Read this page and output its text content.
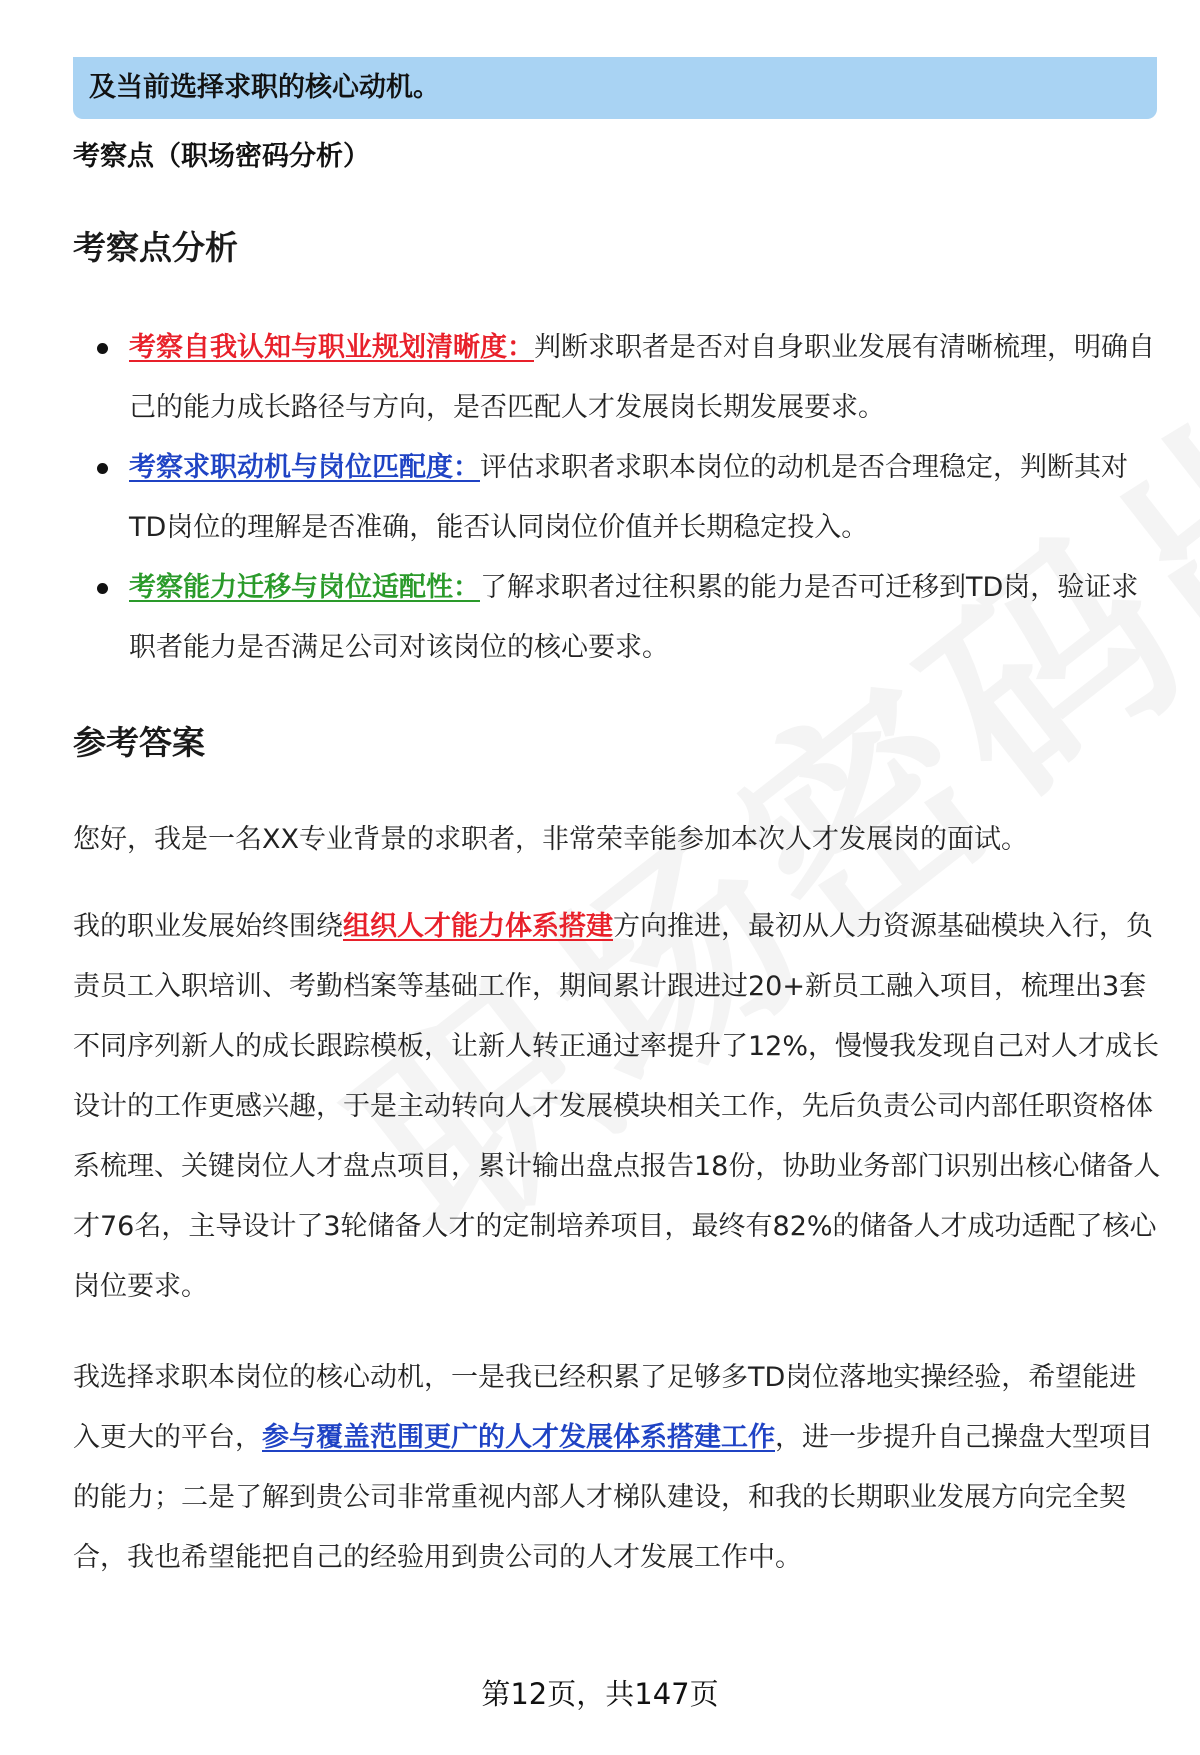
及当前选择求职的核心动机。
考察点（职场密码分析）
考察点分析
考察自我认知与职业规划清晰度：判断求职者是否对自身职业发展有清晰梳理，明确自己的能力成长路径与方向，是否匹配人才发展岗长期发展要求。
考察求职动机与岗位匹配度：评估求职者求职本岗位的动机是否合理稳定，判断其对TD岗位的理解是否准确，能否认同岗位价值并长期稳定投入。
考察能力迁移与岗位适配性：了解求职者过往积累的能力是否可迁移到TD岗，验证求职者能力是否满足公司对该岗位的核心要求。
参考答案

您好，我是一名XX专业背景的求职者，非常荣幸能参加本次人才发展岗的面试。

我的职业发展始终围绕组织人才能力体系搭建方向推进，最初从人力资源基础模块入行，负责员工入职培训、考勤档案等基础工作，期间累计跟进过20+新员工融入项目，梳理出3套不同序列新人的成长跟踪模板，让新人转正通过率提升了12%，慢慢我发现自己对人才成长设计的工作更感兴趣，于是主动转向人才发展模块相关工作，先后负责公司内部任职资格体系梳理、关键岗位人才盘点项目，累计输出盘点报告18份，协助业务部门识别出核心储备人才76名，主导设计了3轮储备人才的定制培养项目，最终有82%的储备人才成功适配了核心岗位要求。

我选择求职本岗位的核心动机，一是我已经积累了足够多TD岗位落地实操经验，希望能进入更大的平台，参与覆盖范围更广的人才发展体系搭建工作，进一步提升自己操盘大型项目的能力；二是了解到贵公司非常重视内部人才梯队建设，和我的长期职业发展方向完全契合，我也希望能把自己的经验用到贵公司的人才发展工作中。

第12页，共147页
